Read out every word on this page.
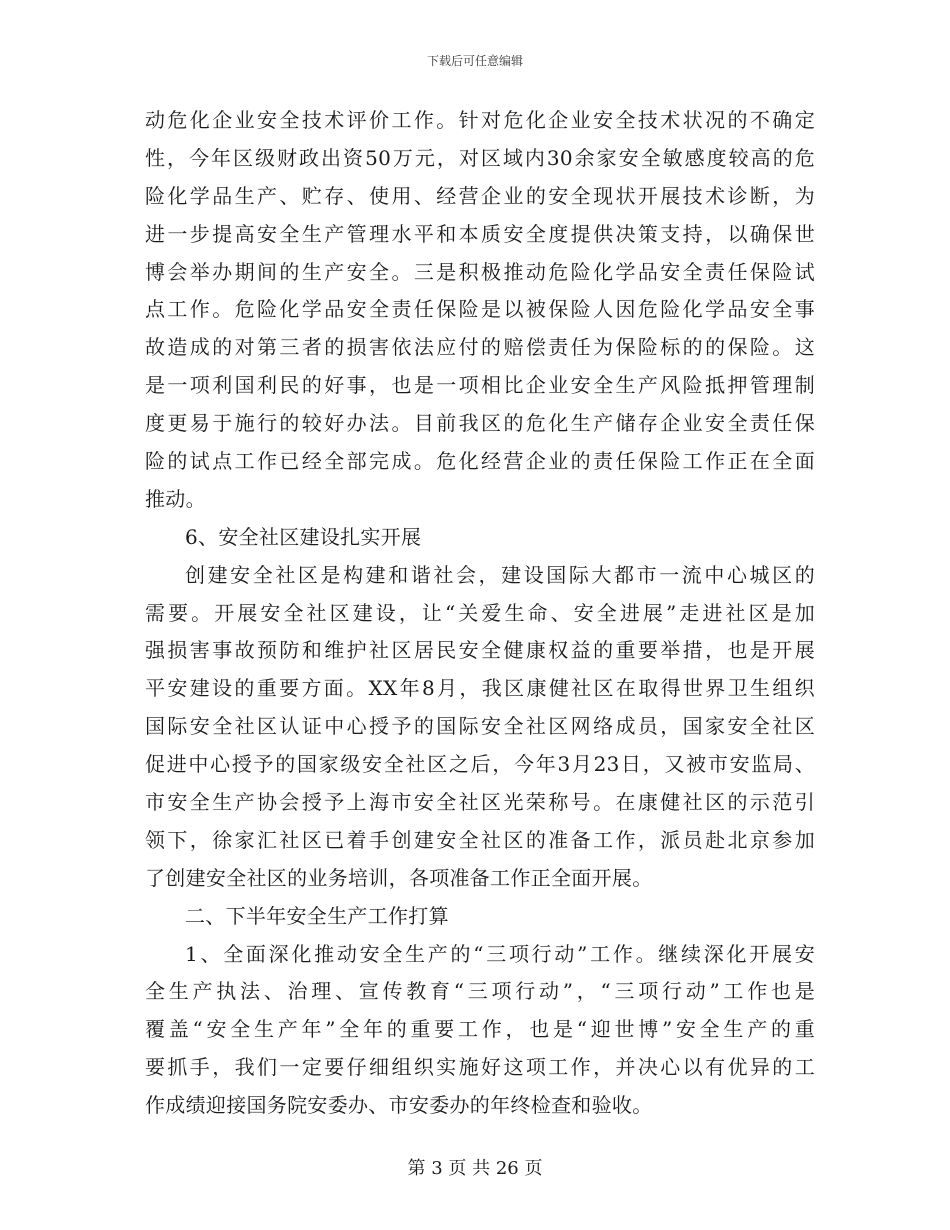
下载后可任意编辑
动危化企业安全技术评价工作。针对危化企业安全技术状况的不确定
性，今年区级财政出资50万元，对区域内30余家安全敏感度较高的危
险化学品生产、贮存、使用、经营企业的安全现状开展技术诊断，为
进一步提高安全生产管理水平和本质安全度提供决策支持，以确保世
博会举办期间的生产安全。三是积极推动危险化学品安全责任保险试
点工作。危险化学品安全责任保险是以被保险人因危险化学品安全事
故造成的对第三者的损害依法应付的赔偿责任为保险标的的保险。这
是一项利国利民的好事，也是一项相比企业安全生产风险抵押管理制
度更易于施行的较好办法。目前我区的危化生产储存企业安全责任保
险的试点工作已经全部完成。危化经营企业的责任保险工作正在全面
推动。
6、安全社区建设扎实开展
创建安全社区是构建和谐社会，建设国际大都市一流中心城区的
需要。开展安全社区建设，让“关爱生命、安全进展”走进社区是加
强损害事故预防和维护社区居民安全健康权益的重要举措，也是开展
平安建设的重要方面。XX年8月，我区康健社区在取得世界卫生组织
国际安全社区认证中心授予的国际安全社区网络成员，国家安全社区
促进中心授予的国家级安全社区之后，今年3月23日，又被市安监局、
市安全生产协会授予上海市安全社区光荣称号。在康健社区的示范引
领下，徐家汇社区已着手创建安全社区的准备工作，派员赴北京参加
了创建安全社区的业务培训，各项准备工作正全面开展。
二、下半年安全生产工作打算
1、全面深化推动安全生产的“三项行动”工作。继续深化开展安
全生产执法、治理、宣传教育“三项行动”，“三项行动”工作也是
覆盖“安全生产年”全年的重要工作，也是“迎世博”安全生产的重
要抓手，我们一定要仔细组织实施好这项工作，并决心以有优异的工
作成绩迎接国务院安委办、市安委办的年终检查和验收。
第 3 页 共 26 页
